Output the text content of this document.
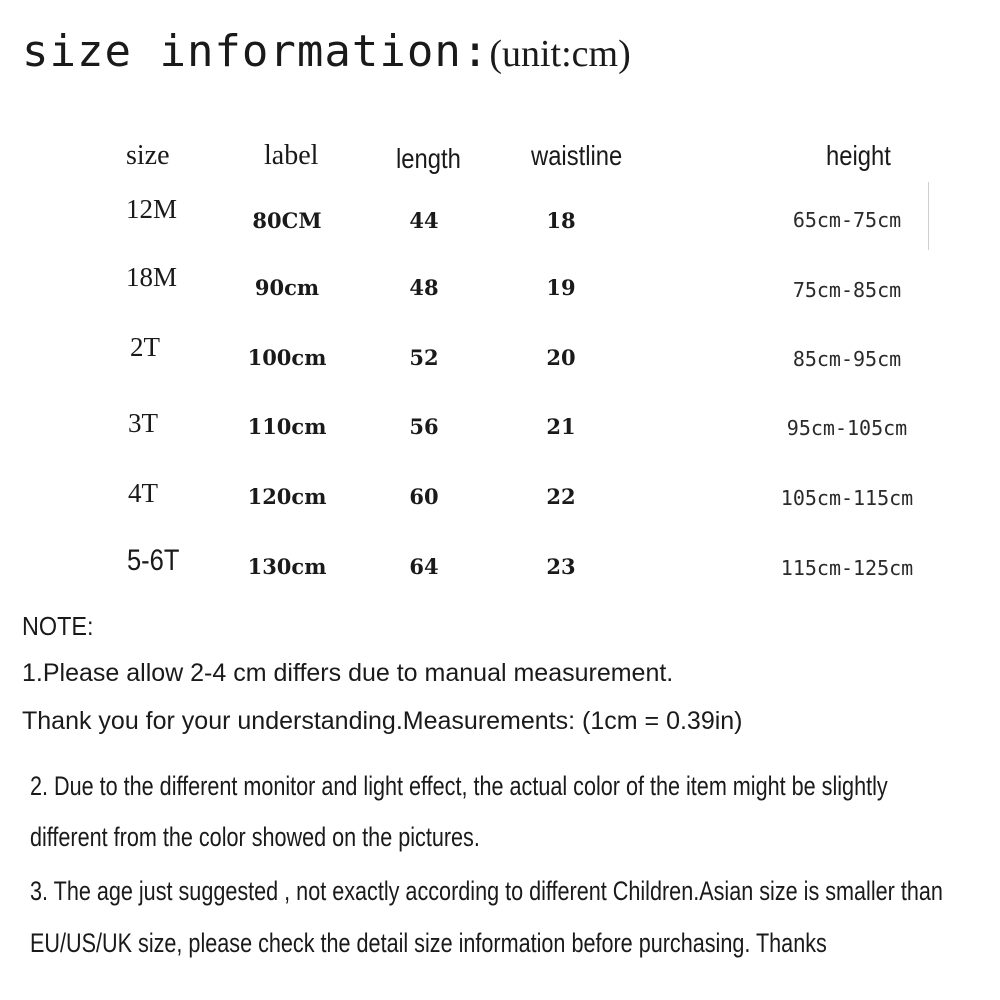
size information:(unit:cm)
size	label	length	waistline	height
12M	80CM	44	18	65cm-75cm
18M	90cm	48	19	75cm-85cm
2T	100cm	52	20	85cm-95cm
3T	110cm	56	21	95cm-105cm
4T	120cm	60	22	105cm-115cm
5-6T	130cm	64	23	115cm-125cm
NOTE:
1.Please allow 2-4 cm differs due to manual measurement.
Thank you for your understanding.Measurements: (1cm = 0.39in)
2. Due to the different monitor and light effect, the actual color of the item might be slightly
different from the color showed on the pictures.
3. The age just suggested , not exactly according to different Children.Asian size is smaller than
EU/US/UK size, please check the detail size information before purchasing. Thanks
